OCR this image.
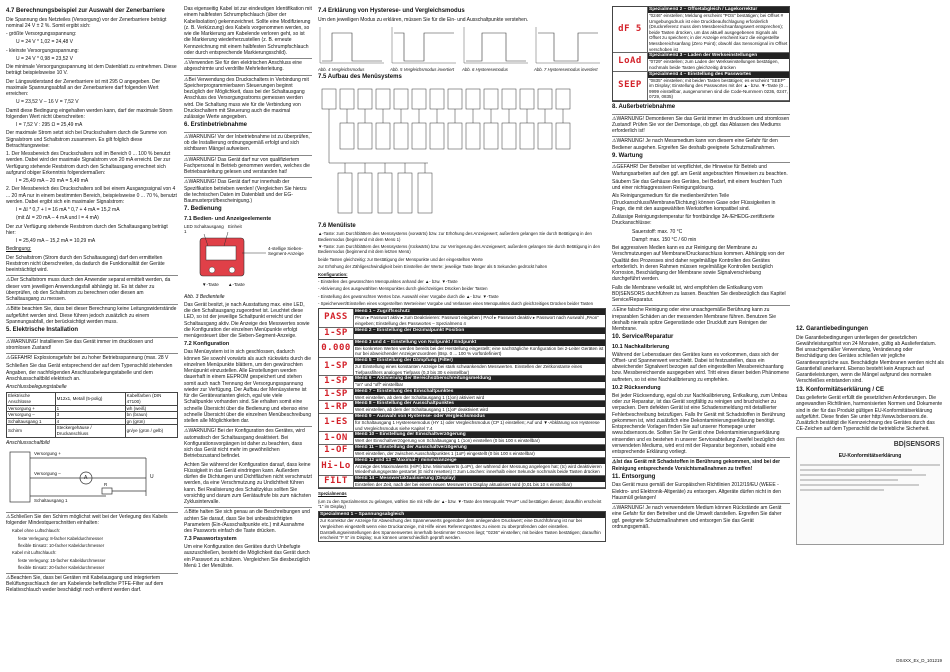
4.7 Berechnungsbeispiel zur Auswahl der Zenerbarriere
Die Spannung des Netzteiles (Versorgung) vor der Zenerbarriere beträgt nominal 24 V ± 2 %. Somit ergibt sich:
- größte Versorgungsspannung:
U = 24 V * 1,02 = 24,48 V
- kleinste Versorgungsspannung:
U = 24 V * 0,98 = 23,52 V
Die minimale Versorgungsspannung ist dem Datenblatt zu entnehmen. Diese beträgt beispielsweise 10 V.
Der Längswiderstand der Zenerbarriere ist mit 295 Ω angegeben. Der maximale Spannungsabfall an der Zenerbarriere darf folgenden Wert erreichen:
U = 23,52 V – 16 V = 7,52 V
Damit diese Bedingung eingehalten werden kann, darf der maximale Strom folgenden Wert nicht überschreiten:
I = 7,52 V : 295 Ω = 25,49 mA
Der maximale Strom setzt sich bei Druckschaltern durch die Summe von Signalstrom und Schaltstrom zusammen. Es gilt folglich diese Betrachtungsweise:
1. Der Messbereich des Druckschalters soll im Bereich 0 ... 100 % benutzt werden. Dabei wird der maximale Signalstrom von 20 mA erreicht. Der zur Verfügung stehende Reststrom durch den Schaltausgang errechnet sich aufgrund obiger Erkenntnis folgendermaßen:
I = 25,49 mA – 20 mA = 5,49 mA
2. Der Messbereich des Druckschalters soll bei einem Ausgangssignal von 4 ... 20 mA nur in einem bestimmten Bereich, beispielsweise 0 ... 70 %, benutzt werden. Dabei ergibt sich ein maximaler Signalstrom:
I = ΔI * 0,7 + I = 16 mA * 0,7 + 4 mA = 15,2 mA
(mit ΔI = 20 mA – 4 mA und I = 4 mA)
Der zur Verfügung stehende Reststrom durch den Schaltausgang beträgt hier:
I = 25,49 mA – 15,2 mA = 10,29 mA
Bedingung:
Der Schaltstrom (Strom durch den Schaltausgang) darf den ermittelten Reststrom nicht überschreiten, da dadurch die Funktionalität der Geräte beeinträchtigt wird.
⚠ Der Schaltstrom muss durch den Anwender separat ermittelt werden, da dieser vom jeweiligen Anwendungsfall abhängig ist. Es ist daher zu überprüfen, ob den Schaltstrom zu berechnen oder diesen am Schaltausgang zu messen.
⚠ Bitte beachten Sie, dass bei dieser Berechnung keine Leitungswiderstände aufgeführt werden sind. Diese führen jedoch zusätzlich zu einem Spannungsabfall, der berücksichtigt werden muss.
5. Elektrische Installation
⚠ WARNUNG! Installieren Sie das Gerät immer im drucklosen und stromlosen Zustand!
⚠ GEFAHR! Explosionsgefahr bei zu hoher Betriebsspannung (max. 28 V
Schließen Sie das Gerät entsprechend der auf dem Typenschild stehenden Angaben, der nachfolgenden Anschlussbelegungstabelle und dem Anschlussschaltbild elektrisch an.
Anschlussbelegungstabelle
Elektrische Anschlüsse	M12x1, Metall (5-polig)	Kabelfarben (DIN 47100)
Versorgung +	1	wh (weiß)
Versorgung –	3	bn (braun)
Schaltausgang 1	4	gn (grün)
Schirm	Steckergehäuse / Druckanschluss	gn/ye (grün / gelb)
Anschlussschaltbild
Versorgung +
Versorgung –
Schaltausgang 1
A	U
R
⚠ Schließen Sie den Schirm möglichst weit bei der Verlegung des Kabels folgender Mindestquerschnitten einhalten:
Kabel ohne Luftschlauch:
feste Verlegung: 8-facher Kabeldurchmesser
flexible Einsatz: 10-facher Kabeldurchmesser
Kabel mit Luftschlauch:
feste Verlegung: 15-facher Kabeldurchmesser
flexible Einsatz: 20-facher Kabeldurchmesser
⚠ Beachten Sie, dass bei Geräten mit Kabelausgang und integriertem Belüftungsschlauch der am Kabelende befindliche PTFE-Filter auf dem Relativschlauch weder beschädigt noch entfernt werden darf.
Das eigenseitig Kabel ist zur eindeutigen Identifikation mit einem halbfesten Schrumpfschlauch (über der Kabelisolation) gekennzeichnet. Sollte eine Modifizierung (z. B. Verkürzung) des Kabels vorgenommen werden, so wie die Markierung am Kabelende verloren geht, so ist die Markierung wiederherzustellen (z. B. erneute Kennzeichnung mit einem halbfesten Schrumpfschlauch oder durch entsprechende Markierungsschild).
⚠ Verwenden Sie für den elektrischen Anschluss eine abgeschirmte und verdrillte Mehrleiterleitung.
⚠ Bei Verwendung des Druckschalters in Verbindung mit Speicherprogrammierbaren Steuerungen beginnt bezüglich der Möglichkeit, dass bei der Schaltausgang Anschluss des Versorgungsstroms gemessen werden wird. Die Schaltung muss wie für die Verbindung von Druckschaltern mit Steuerung auch die maximal zulässige Werte angegeben.
6. Erstinbetriebnahme
⚠ WARNUNG! Vor der Inbetriebnahme ist zu überprüfen, ob die Installierung ordnungsgemäß erfolgt und sich sichtbaren Mängel aufweisen.
⚠ WARNUNG! Das Gerät darf nur von qualifiziertem Fachpersonal in Betrieb genommen werden, welches die Betriebsanleitung gelesen und verstanden hat!
⚠ WARNUNG! Das Gerät darf nur innerhalb der Spezifikation betrieben werden! (Vergleichen Sie hierzu die technischen Daten im Datenblatt und der EG-Baumusterprüfbescheinigung.)
7. Bedienung
7.1 Bedien- und Anzeigeelemente
LED Schaltausgang 1
Einheit
4-stellige Sieben-Segment-Anzeige
▼-Taste ▲-Taste
Abb. 3 Bedienteile
Das Gerät besitzt, je nach Ausstattung max. eine LED, die den Schaltausgang zugeordnet ist. Leuchtet diese LED, so ist der jeweilige Schaltpunkt erreicht und der Schaltausgang aktiv. Die Anzeige des Messwertes sowie die Konfiguration der einzelnen Menüpunkte erfolgt menügesteuert über die Sieben-Segment-Anzeige.
7.2 Konfiguration
Das Menüsystem ist in sich geschlossen, dadurch können Sie sowohl vorwärts als auch rückwärts durch die einzelnen Menüpunkte blättern, um den gewünschten Menüpunkt einzustellen. Alle Einstellungen werden dauerhaft in einem EEPROM gespeichert und stehen somit auch nach Trennung der Versorgungsspannung wieder zur Verfügung. Der Aufbau der Menüsysteme ist für die Gerätevarianten gleich, egal wie viele Schaltpunkte vorhanden sind. Sie erhalten somit eine schnelle Übersicht über die Bedienung und ebenso eine schnelle Übersicht über die einzelnen Menübeschreibung stellen alle Möglichkeiten dar.
⚠ WARNUNG! Bei der Konfiguration des Gerätes, wird automatisch der Schaltausgang deaktiviert. Bei Konfigurationsvorgängen ist daher zu beachten, dass sich das Gerät nicht mehr im gewöhnlichen Betriebszustand befindet.
Achten Sie während der Konfiguration darauf, dass keine Flüssigkeit in das Gerät eindringen kann. Außerdem dürfen die Dichtungen und Dichtflächen nicht verschmutzt werden, da eine Verschmutzung zu Undichtheit führen kann. Bei Realisierung des Schaltzyklus sollten Sie vorsichtig und darum zum Gerätaufrufe bis zum nächsten Zyklusintervalle.
⚠ Bitte halten Sie sich genau an die Beschreibungen und achten Sie darauf, dass Sie bei unbeabsichtigten Parametern (Ein-/Ausschaltpunkte etc.) mit Ausnahme des Passworts einfach die Taste drücken.
7.3 Passwortsystem
Um eine Konfiguration des Gerätes durch Unbefugte auszuschließen, besteht die Möglichkeit das Gerät durch ein Passwort zu schützen. Vergleichen Sie diesbezüglich Menü 1 der Menüliste.
7.4 Erklärung von Hysterese- und Vergleichsmodus
Um den jeweiligen Modus zu erklären, müssen Sie für die Ein- und Ausschaltpunkte verstehen.
Abb. 4 Vergleichsmodus	Abb. 5 Vergleichsmodus invertiert	Abb. 6 Hysteresemodus	Abb. 7 Hysteresemodus invertiert
7.5 Aufbau des Menüsystems
7.6 Menüliste
▲-Taste: zum Durchblättern des Menüsystems (vorwärts) bzw. zur Erhöhung des Anzeigewert; außerdem gelangen Sie durch Betätigung in den Bedienmodus (beginnend mit dem Menü 1)
▼-Taste: zum Durchblättern des Menüsystems (rückwärts) bzw. zur Verringerung des Anzeigewert; außerdem gelangen Sie durch Betätigung in den Bedienmodus (beginnend mit dem letzten Menü)
beide Tasten gleichzeitig: zur Bestätigung der Menüpunkte und der eingestellten Werte
zur Erhöhung der Zähligeschwindigkeit beim Einstellen der Werte: jeweilige Taste länger als 5 Sekunden gedrückt halten
Konfiguration:
- Einstellen des gewünschten Menüpunktes anhand der ▲- bzw. ▼-Taste
- Aktivierung des ausgewählten Menüpunktes durch gleichzeitiges Drücken beider Tasten
- Einstellung des gewünschten Wertes bzw. Auswahl einer Vorgabe durch die ▲- bzw. ▼-Taste
- Speicherwert/Einstellen eines vorgestellten Werte/einer Vorgabe und Verlassen eines Menüpunktes durch gleichzeitiges Drücken beider Tasten
PASS
Menü 1 – Zugriffsschutz
PAon ▸ Passwort aktiv ▸ zum Deaktivieren: Passwort eingeben | PAof ▸ Passwort deaktiv ▸ Passwort nach Auswahl „PAon“ eingeben; Einstellung des Passwortes – Spezialmenü 4
1-SP Menü 2 – Einstellung der Dezimalpunkt Position
0.000
Menü 3 und 4 – Einstellung von Nullpunkt / Endpunkt
Bei konkreten Werten werden bereits bei der Herstellung eingestellt; eine nachträgliche Konfiguration bei 2-Leiter Geräten ist nur bei abweichender Anzeigenzuordnen (Bsp. 0 ... 100 % vorfürdefiniert)
1-SP
Menü 5 – Einstellung der Dämpfung (Filter)
zur Einstellung eines konstanten Anzeige bei stark schwankenden Messwerten. Einstellen der Zeitkonstante eines Tiefpassfilters analoges Tiefpass (0,3 bis 30 s einstellbar)
1-SP Menü 6 – Aktivierung der Bereichsüberschreitungsmeldung
"on" und "off" einstellbar
1-SP Menü 7 – Einstellung des Einschaltpunktes
Wert einstellen, ab dem der Schaltausgang 1 (1)on) aktiviert wird
1-RP Menü 8 – Einstellung der Ausschaltpunktes
Wert einstellen, ab dem der Schaltausgang 1 (1)oF deaktiviert wird
1-ES
Menü 9 – Auswahl von Hysterese- oder Vergleichsmodus
für Schaltausgang 1 Hysteresemodus (HY 1) oder Vergleichsmodus (CP 1) einstellen; Auf und ▼-Abklärung von Hysterese und Vergleichsmodus siehe Kapitel 7.4
1-ON Menü 10 – Einstellung der Einschaltverzögerung
Wert der Einschaltverzögerung von Schaltausgang 1 (1on) einstellen (0 bis 100 s einstellbar)
1-OF Menü 11 – Einstellung der Ausschaltverzögerung
Wert einstellen, der zwischen Ausschaltpunktes 1 (1oF) eingestellt (0 bis 100 s einstellbar)
Hi-Lo
Menü 12 und 13 – Maximal- / minimalanzeige
Anzeige des Maximalwerts (HiPr) bzw. Minimalwerts (LoPr), der während der Messung angelegen hat; (tc) wird deaktivieren Wiederholungsgeräte gestartet (E nicht resetten) □ zum Löschen: innerhalb einer Sekunde nochmals beide Tasten drücken
FILT Menü 14 – Messwertaktualisierung (Display)
Einstellen der Zeit, nach der bei einem neuen Messwert im Display aktualisiert wird (0,01 bis 10 s einstellbar)
Spezialmenüs
(um zu den Spezialmenüs zu gelangen, wählen Sie mit Hilfe der ▲- bzw. ▼-Taste den Menüpunkt "PAoF" und bestätigen diesen; daraufhin erscheint "1" im Display)
Spezialmenü 1 – Spannungsabgleich
zur Korrektur der Anzeige für Abweichung des Spannenwerts gegenüber dem anliegenden Druckwert; eine Durchführung ist nur bei Vergleichen eingestellt wenn eine Druckanzeige, mit Hilfe eines Referenzgerätes zu einem zu überprüfenden oder einstellen. Darstellungseinstellungen des Spannenwertes innerhalb bestimmter Grenzen liegt; "0236" einstellen; mit beiden Tasten bestätigen; daraufhin erscheint "F 5" im Display; nun können unterschiedlich geprüft werden.
dF 5
Spezialmenü 2 – Offsetabgleich / Lagekorrektur
"0246" einstellen; Meldung erscheint "POS" bestätigen; bei Offset # Umgebungsdruck ist eine Druckbeaufschlagung erforderlich (Druckreferenz muss dem Messbereichsanfangswert entsprechen); beide Tasten drücken, um das aktuell ausgegebenen Signals als Offset zu speichern; in der Anzeige erscheint kurz die eingestellte Messbereichsanfang (Zero Point); obwohl das Sensorsignal im Offset verschoben ist
LoAd
Spezialmenü 3 – Laden der Werkseinstellungen
"0729" einstellen; zum Laden der Werkseinstellungen bestätigen, nochmals beide Tasten gleichzeitig drücken
SEEP
Spezialmenü 4 – Einstellung des Passwortes
"0835" einstellen; mit beiden Tasten bestätigen; es erscheint "SEEP" im Display; Einstellung des Passwortes mit der ▲- bzw. ▼-Taste (0 ... 9999 einstellbar, ausgenommen sind die Code-Nummern 0236, 0247, 0729, 0835)
8. Außerbetriebnahme
⚠ WARNUNG! Demontieren Sie das Gerät immer im drucklosen und stromlosen Zustand! Prüfen Sie vor der Demontage, ob ggf. das Ablassen des Mediums erforderlich ist!
⚠ WARNUNG! Je nach Messmedium kann von diesem eine Gefahr für den Bediener ausgehen. Ergreifen Sie deshalb geeignete Schutzmaßnahmen.
9. Wartung
⚠ GEFAHR! Der Betreiber ist verpflichtet, die Hinweise für Betrieb und Wartungsarbeiten auf den ggf. am Gerät angebrachten Hinweisen zu beachten.
Säubern Sie das Gehäuse des Gerätes, bei Bedarf, mit einem feuchten Tuch und einer nichtaggressiven Reinigungslösung.
Als Reinigungsmedium für die medienberührten Teile (Druckanschluss/Membrane/Dichtung) können Gase oder Flüssigkeiten in Frage, die mit den ausgewählten Werkstoffen kompatibel sind.
Zulässige Reinigungstemperatur für frontbündige 3A-/EHEDG-zertifizierte Druckanschlüsse:
Sauerstoff: max. 70 °C
Dampf: max. 150 °C / 60 min
Bei aggressiven Medien kann es zur Reinigung der Membrane zu Verschmutzungen auf Membrane/Druckanschluss kommen. Abhängig von der Qualität des Prozesses sind daher regelmäßige Kontrollen des Gerätes erforderlich. In deren Rahmen müssen regelmäßige Kontrollen bezüglich Korrosion, Beschädigung der Membrane sowie Signalverschiebung durchgeführt werden.
Falls die Membrane verkalkt ist, wird empfohlen die Entkalkung vom BD|SENSORS durchführen zu lassen. Beachten Sie diesbezüglich das Kapitel Service/Reparatur.
⚠ Eine falsche Reinigung oder eine unsachgemäße Berührung kann zu irreparablen Schäden an der messenden Membrane führen. Benutzen Sie deshalb niemals spitze Gegenstände oder Druckluft zum Reinigen der Membrane.
10. Service/Reparatur
10.1 Nachkalibrierung
Während der Lebensdauer des Gerätes kann es vorkommen, dass sich der Offset- und Spannenwert verschiebt. Dabei ist festzustellen, dass ein abweichender Signalwert bezogen auf den eingestellten Messbereichsanfang bzw. Messbereichsende ausgegeben wird. Tritt eines dieser beiden Phänomene auftreten, so ist eine Nachkalibrierung zu empfehlen.
10.2 Rücksendung
Bei jeder Rücksendung, egal ob zur Nachkalibrierung, Entkalkung, zum Umbau oder zur Reparatur, ist das Gerät sorgfältig zu reinigen und bruchsicher zu verpacken. Dem defekten Gerät ist eine Schadensmeldung mit detaillierter Fehlerbeschreibung beizufügen. Falls Ihr Gerät mit Schadstoffen in Berührung gekommen ist, wird zusätzlich eine Dekontaminierungserklärung benötigt. Entsprechende Vorlagen finden Sie auf unserer Homepage unter www.bdsensors.de. Sollten Sie Ihr Gerät ohne Dekontaminierungserklärung einsenden und es bestehen in unserer Serviceabteilung Zweifel bezüglich des verwendeten Mediums, wird erst mit der Reparatur begonnen, sobald eine entsprechende Erklärung vorliegt.
⚠ Ist das Gerät mit Schadstoffen in Berührung gekommen, sind bei der Reinigung entsprechende Vorsichtsmaßnahmen zu treffen!
11. Entsorgung
Das Gerät muss gemäß der Europäischen Richtlinien 2012/19/EU (WEEE - Elektro- und Elektronik-Altgeräte) zu entsorgen. Altgeräte dürfen nicht in den Hausmüll gelangen!
⚠ WARNUNG! Je nach verwendetem Medium können Rückstände am Gerät eine Gefahr für den Betreiber und die Umwelt darstellen. Ergreifen Sie daher ggf. geeignete Schutzmaßnahmen und entsorgen Sie das Gerät ordnungsgemäß.
12. Garantiebedingungen
Die Garantiebedingungen unterliegen der gesetzlichen Gewährleistungsfrist von 24 Monaten, gültig ab Auslieferdatum. Bei unsachgemäßer Verwendung, Veränderung oder Beschädigung des Gerätes schließen wir jegliche Garantieansprüche aus. Beschädigte Membranen werden nicht als Garantiefall anerkannt. Ebenso besteht kein Anspruch auf Garantieleistungen, wenn die Mängel aufgrund des normalen Verschleißes entstanden sind.
13. Konformitätserklärung / CE
Das gelieferte Gerät erfüllt die gesetzlichen Anforderungen. Die angewandten Richtlinien, harmonisierten Normen und Dokumente sind in der für das Produkt gültigen EU-Konformitätserklärung aufgeführt. Diese finden Sie unter http://www.bdsensors.de. Zusätzlich bestätigt die Kennzeichnung des Gerätes durch das CE-Zeichen auf dem Typenschild die betriebliche Sicherheit.
BD|SENSORS
EU-Konformitätserklärung
DS4XX_Ex_D_101219
